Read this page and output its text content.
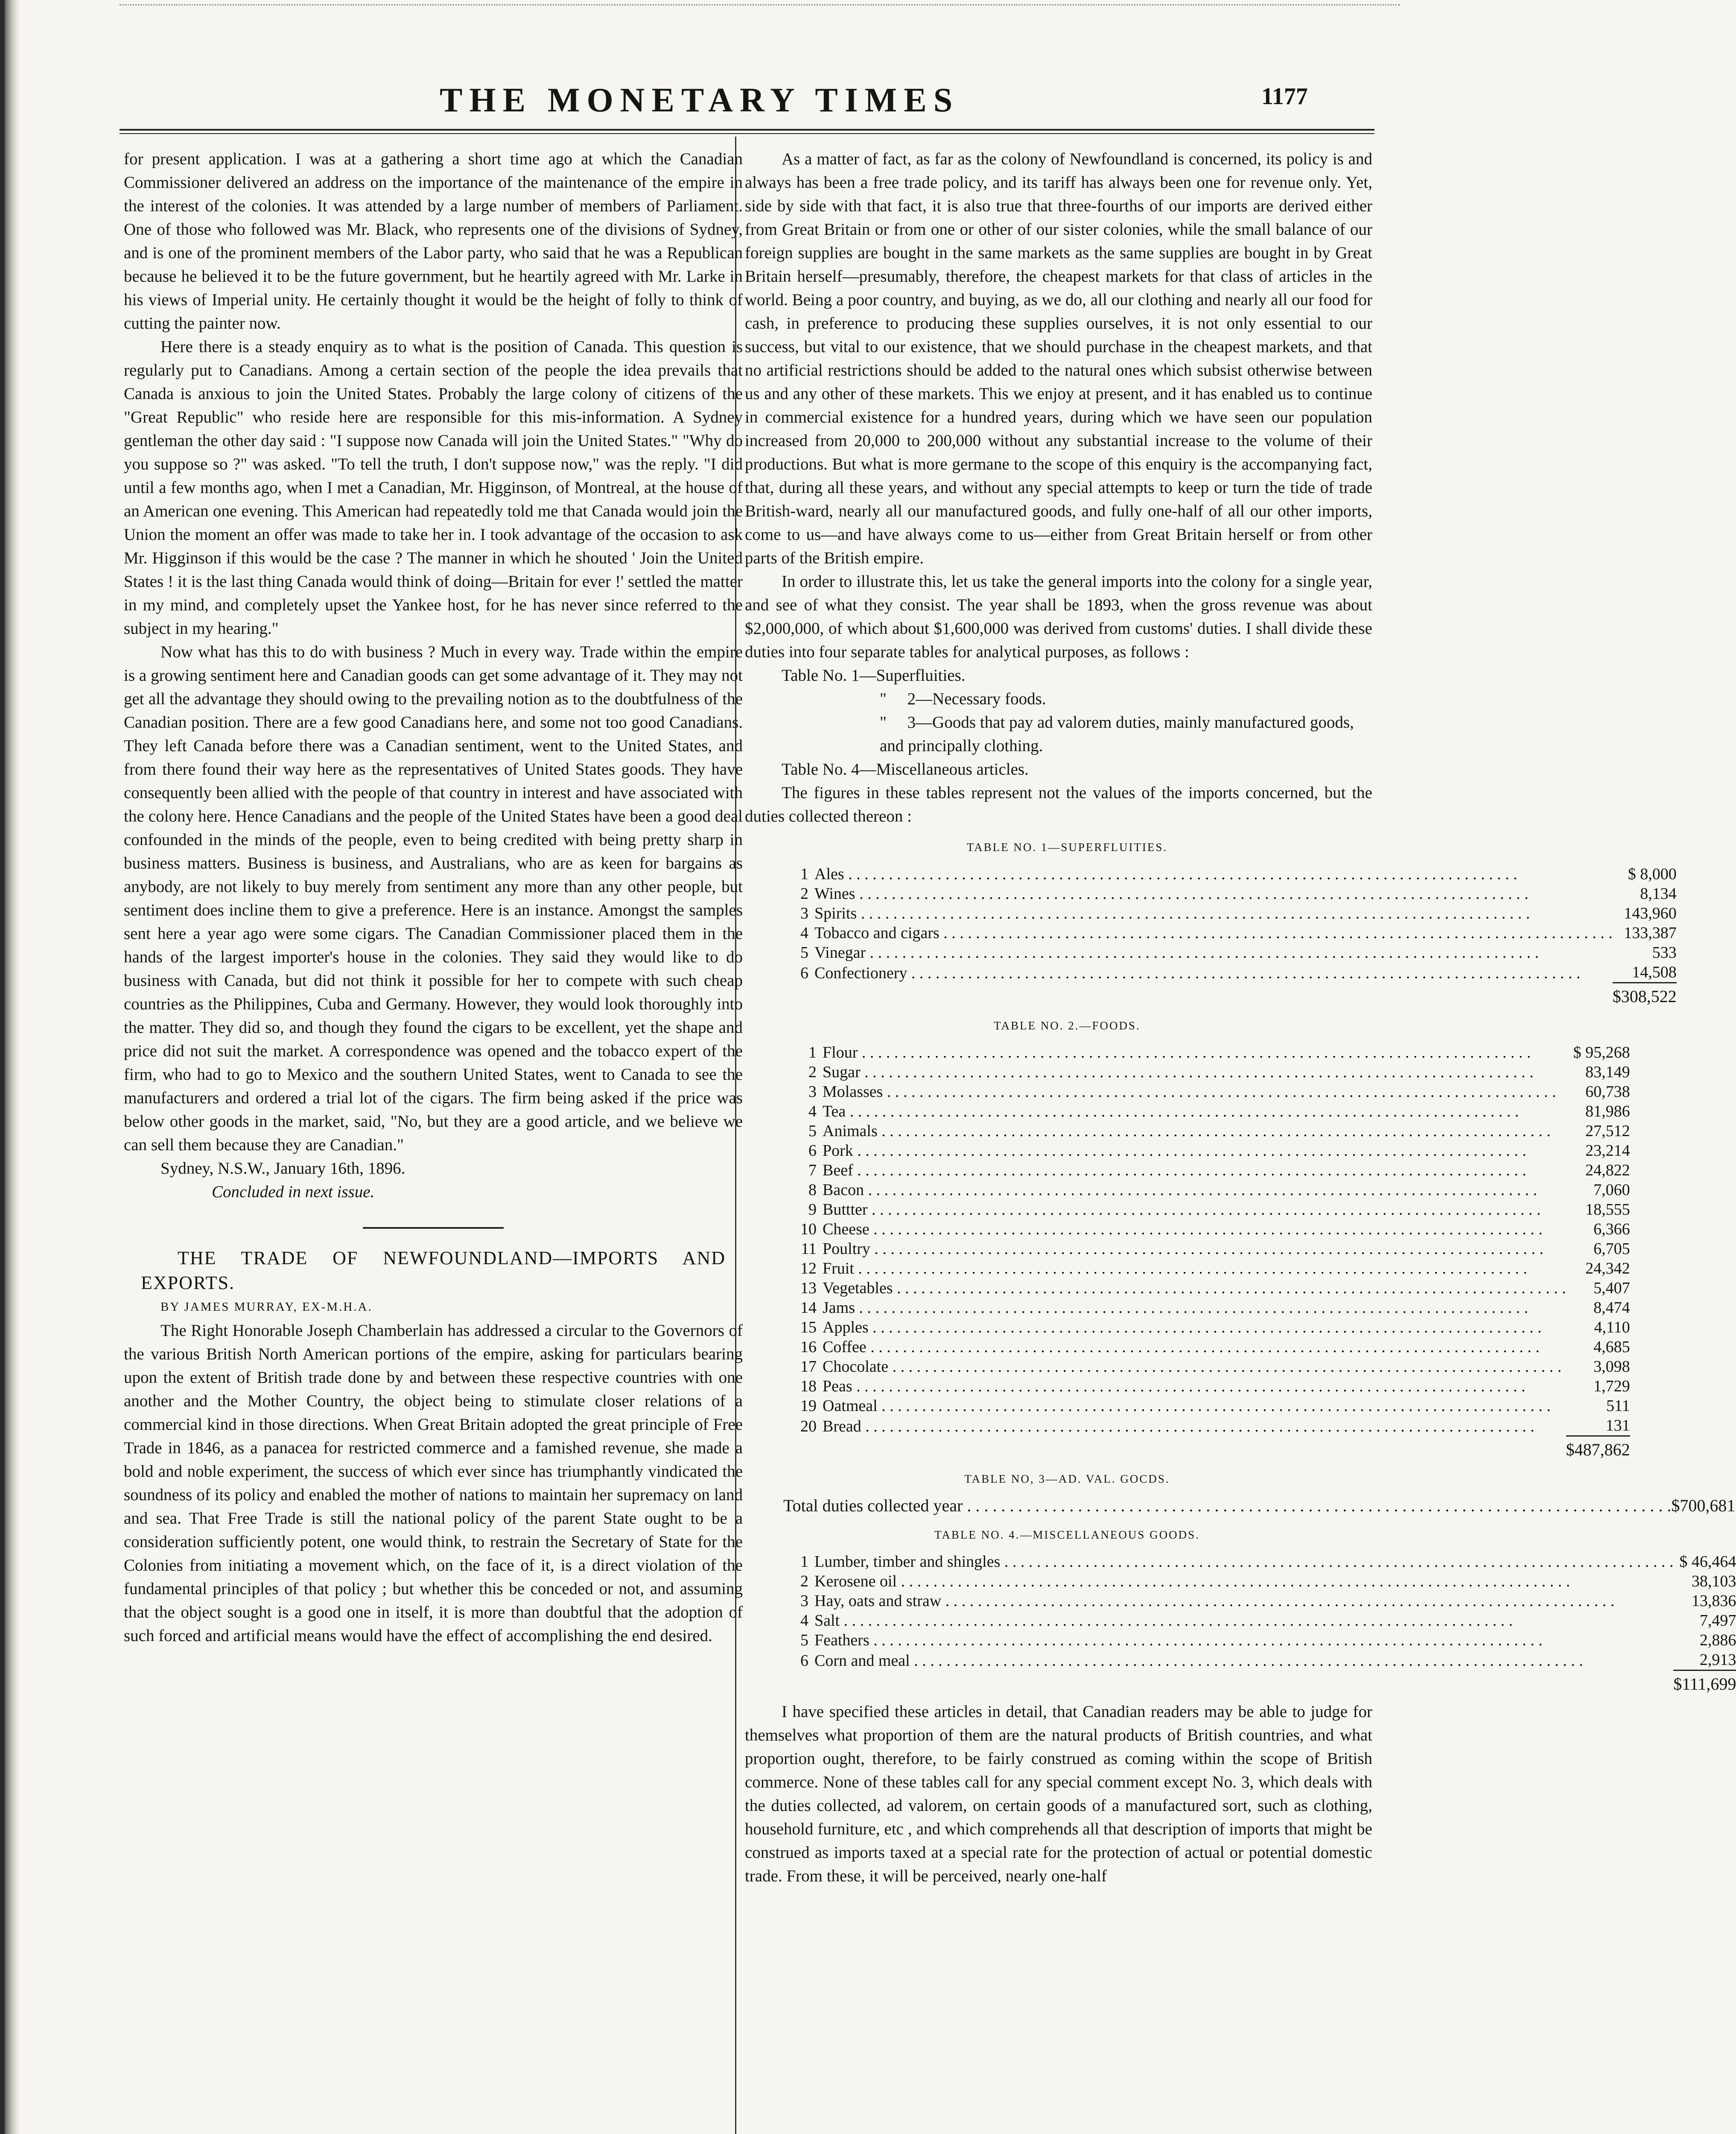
THE MONETARY TIMES	1177

for present application. I was at a gathering a short time ago at which the Canadian Commissioner delivered an address on the importance of the maintenance of the empire in the interest of the colonies. It was attended by a large number of members of Parliament. One of those who followed was Mr. Black, who represents one of the divisions of Sydney, and is one of the prominent members of the Labor party, who said that he was a Republican because he believed it to be the future government, but he heartily agreed with Mr. Larke in his views of Imperial unity. He certainly thought it would be the height of folly to think of cutting the painter now.

Here there is a steady enquiry as to what is the position of Canada. This question is regularly put to Canadians. Among a certain section of the people the idea prevails that Canada is anxious to join the United States. Probably the large colony of citizens of the "Great Republic" who reside here are responsible for this mis-information. A Sydney gentleman the other day said : "I suppose now Canada will join the United States." "Why do you suppose so ?" was asked. "To tell the truth, I don't suppose now," was the reply. "I did until a few months ago, when I met a Canadian, Mr. Higginson, of Montreal, at the house of an American one evening. This American had repeatedly told me that Canada would join the Union the moment an offer was made to take her in. I took advantage of the occasion to ask Mr. Higginson if this would be the case ? The manner in which he shouted ' Join the United States ! it is the last thing Canada would think of doing—Britain for ever !' settled the matter in my mind, and completely upset the Yankee host, for he has never since referred to the subject in my hearing."

Now what has this to do with business ? Much in every way. Trade within the empire is a growing sentiment here and Canadian goods can get some advantage of it. They may not get all the advantage they should owing to the prevailing notion as to the doubtfulness of the Canadian position. There are a few good Canadians here, and some not too good Canadians. They left Canada before there was a Canadian sentiment, went to the United States, and from there found their way here as the representatives of United States goods. They have consequently been allied with the people of that country in interest and have associated with the colony here. Hence Canadians and the people of the United States have been a good deal confounded in the minds of the people, even to being credited with being pretty sharp in business matters. Business is business, and Australians, who are as keen for bargains as anybody, are not likely to buy merely from sentiment any more than any other people, but sentiment does incline them to give a preference. Here is an instance. Amongst the samples sent here a year ago were some cigars. The Canadian Commissioner placed them in the hands of the largest importer's house in the colonies. They said they would like to do business with Canada, but did not think it possible for her to compete with such cheap countries as the Philippines, Cuba and Germany. However, they would look thoroughly into the matter. They did so, and though they found the cigars to be excellent, yet the shape and price did not suit the market. A correspondence was opened and the tobacco expert of the firm, who had to go to Mexico and the southern United States, went to Canada to see the manufacturers and ordered a trial lot of the cigars. The firm being asked if the price was below other goods in the market, said, "No, but they are a good article, and we believe we can sell them because they are Canadian."

Sydney, N.S.W., January 16th, 1896.

Concluded in next issue.

THE TRADE OF NEWFOUNDLAND—IMPORTS AND EXPORTS.

BY JAMES MURRAY, EX-M.H.A.

The Right Honorable Joseph Chamberlain has addressed a circular to the Governors of the various British North American portions of the empire, asking for particulars bearing upon the extent of British trade done by and between these respective countries with one another and the Mother Country, the object being to stimulate closer relations of a commercial kind in those directions. When Great Britain adopted the great principle of Free Trade in 1846, as a panacea for restricted commerce and a famished revenue, she made a bold and noble experiment, the success of which ever since has triumphantly vindicated the soundness of its policy and enabled the mother of nations to maintain her supremacy on land and sea. That Free Trade is still the national policy of the parent State ought to be a consideration sufficiently potent, one would think, to restrain the Secretary of State for the Colonies from initiating a movement which, on the face of it, is a direct violation of the fundamental principles of that policy ; but whether this be conceded or not, and assuming that the object sought is a good one in itself, it is more than doubtful that the adoption of such forced and artificial means would have the effect of accomplishing the end desired.

As a matter of fact, as far as the colony of Newfoundland is concerned, its policy is and always has been a free trade policy, and its tariff has always been one for revenue only. Yet, side by side with that fact, it is also true that three-fourths of our imports are derived either from Great Britain or from one or other of our sister colonies, while the small balance of our foreign supplies are bought in the same markets as the same supplies are bought in by Great Britain herself—presumably, therefore, the cheapest markets for that class of articles in the world. Being a poor country, and buying, as we do, all our clothing and nearly all our food for cash, in preference to producing these supplies ourselves, it is not only essential to our success, but vital to our existence, that we should purchase in the cheapest markets, and that no artificial restrictions should be added to the natural ones which subsist otherwise between us and any other of these markets. This we enjoy at present, and it has enabled us to continue in commercial existence for a hundred years, during which we have seen our population increased from 20,000 to 200,000 without any substantial increase to the volume of their productions. But what is more germane to the scope of this enquiry is the accompanying fact, that, during all these years, and without any special attempts to keep or turn the tide of trade British-ward, nearly all our manufactured goods, and fully one-half of all our other imports, come to us—and have always come to us—either from Great Britain herself or from other parts of the British empire.

In order to illustrate this, let us take the general imports into the colony for a single year, and see of what they consist. The year shall be 1893, when the gross revenue was about $2,000,000, of which about $1,600,000 was derived from customs' duties. I shall divide these duties into four separate tables for analytical purposes, as follows :

Table No. 1—Superfluities.
" 2—Necessary foods.
" 3—Goods that pay ad valorem duties, mainly manufactured goods, and principally clothing.
Table No. 4—Miscellaneous articles.

The figures in these tables represent not the values of the imports concerned, but the duties collected thereon :

TABLE NO. 1—SUPERFLUITIES.
1	Ales . . .	$ 8,000
2	Wines . . .	8,134
3	Spirits . . .	143,960
4	Tobacco and cigars . . .	133,387
5	Vinegar . . .	533
6	Confectionery . . .	14,508
		$308,522
TABLE NO. 2.—FOODS.
1	Flour . . .	$ 95,268
2	Sugar . . .	83,149
3	Molasses . . .	60,738
4	Tea . . .	81,986
5	Animals . . .	27,512
6	Pork . . .	23,214
7	Beef . . .	24,822
8	Bacon . . .	7,060
9	Buttter . . .	18,555
10	Cheese . . .	6,366
11	Poultry . . .	6,705
12	Fruit . . .	24,342
13	Vegetables . . .	5,407
14	Jams . . .	8,474
15	Apples . . .	4,110
16	Coffee . . .	4,685
17	Chocolate . . .	3,098
18	Peas . . .	1,729
19	Oatmeal . . .	511
20	Bread . . .	131
		$487,862
TABLE NO, 3—AD. VAL. GOCDS.
Total duties collected year . . .	$700,681
TABLE NO. 4.—MISCELLANEOUS GOODS.
1	Lumber, timber and shingles . . .	$ 46,464
2	Kerosene oil . . .	38,103
3	Hay, oats and straw . . .	13,836
4	Salt . . .	7,497
5	Feathers . . .	2,886
6	Corn and meal . . .	2,913
		$111,699

I have specified these articles in detail, that Canadian readers may be able to judge for themselves what proportion of them are the natural products of British countries, and what proportion ought, therefore, to be fairly construed as coming within the scope of British commerce. None of these tables call for any special comment except No. 3, which deals with the duties collected, ad valorem, on certain goods of a manufactured sort, such as clothing, household furniture, etc , and which comprehends all that description of imports that might be construed as imports taxed at a special rate for the protection of actual or potential domestic trade. From these, it will be perceived, nearly one-half
